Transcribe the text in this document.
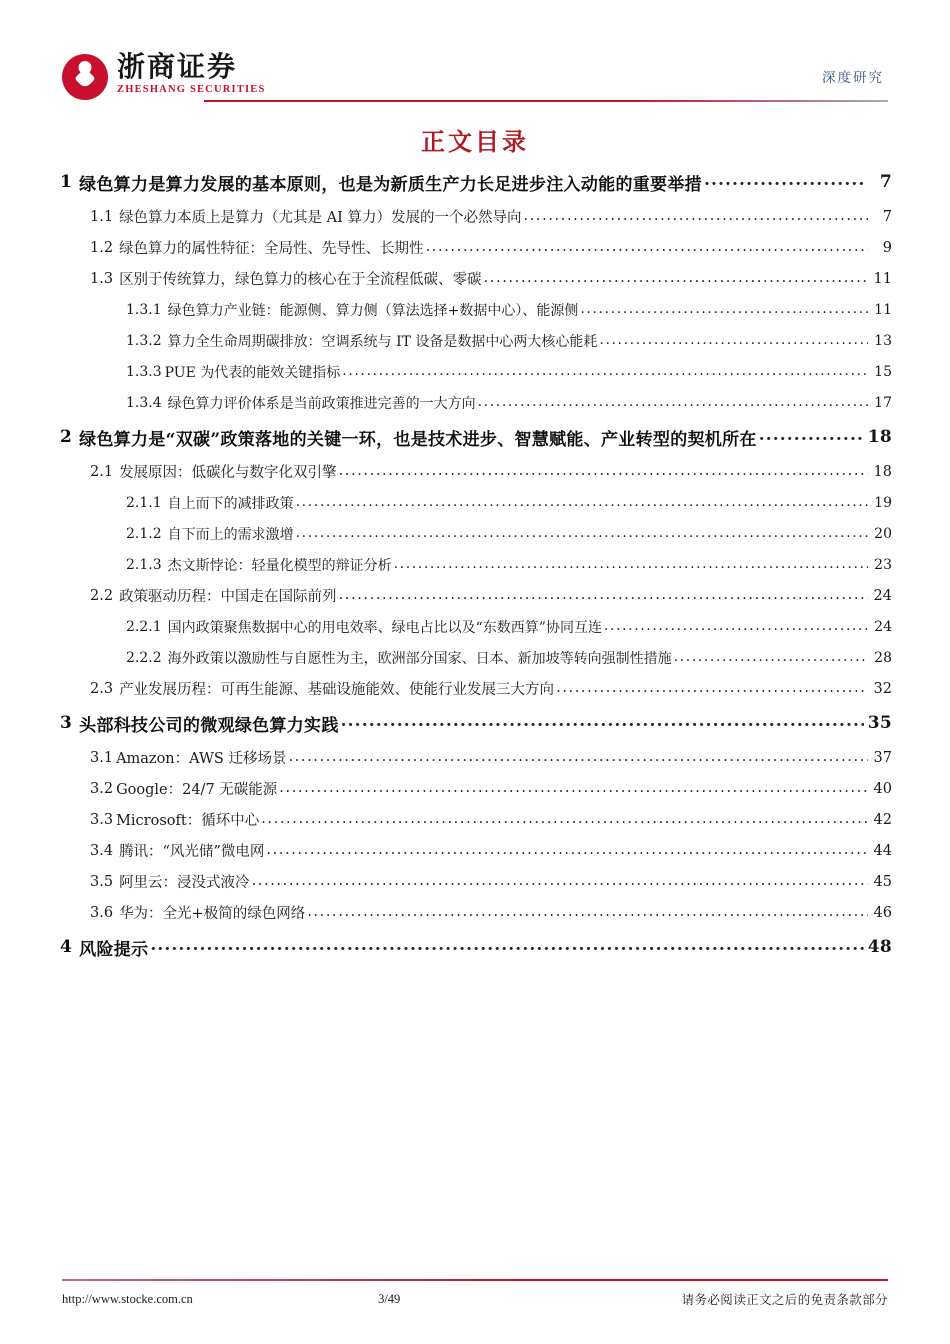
浙商证券
ZHESHANG SECURITIES
深度研究
正文目录
1 绿色算力是算力发展的基本原则，也是为新质生产力长足进步注入动能的重要举措 .....	7
1.1 绿色算力本质上是算力（尤其是 AI 算力）发展的一个必然导向 .....	7
1.2 绿色算力的属性特征：全局性、先导性、长期性 .....	9
1.3 区别于传统算力，绿色算力的核心在于全流程低碳、零碳 .....	11
1.3.1 绿色算力产业链：能源侧、算力侧（算法选择+数据中心）、能源侧 .....	11
1.3.2 算力全生命周期碳排放：空调系统与 IT 设备是数据中心两大核心能耗 .....	13
1.3.3 PUE 为代表的能效关键指标 .....	15
1.3.4 绿色算力评价体系是当前政策推进完善的一大方向 .....	17
2 绿色算力是“双碳”政策落地的关键一环，也是技术进步、智慧赋能、产业转型的契机所在 .....	18
2.1 发展原因：低碳化与数字化双引擎 .....	18
2.1.1 自上而下的减排政策 .....	19
2.1.2 自下而上的需求激增 .....	20
2.1.3 杰文斯悖论：轻量化模型的辩证分析 .....	23
2.2 政策驱动历程：中国走在国际前列 .....	24
2.2.1 国内政策聚焦数据中心的用电效率、绿电占比以及“东数西算”协同互连 .....	24
2.2.2 海外政策以激励性与自愿性为主，欧洲部分国家、日本、新加坡等转向强制性措施 .....	28
2.3 产业发展历程：可再生能源、基础设施能效、使能行业发展三大方向 .....	32
3 头部科技公司的微观绿色算力实践 .....	35
3.1 Amazon：AWS 迁移场景 .....	37
3.2 Google：24/7 无碳能源 .....	40
3.3 Microsoft：循环中心 .....	42
3.4 腾讯：“风光储”微电网 .....	44
3.5 阿里云：浸没式液冷 .....	45
3.6 华为：全光+极简的绿色网络 .....	46
4 风险提示 .....	48
http://www.stocke.com.cn	3/49	请务必阅读正文之后的免责条款部分
